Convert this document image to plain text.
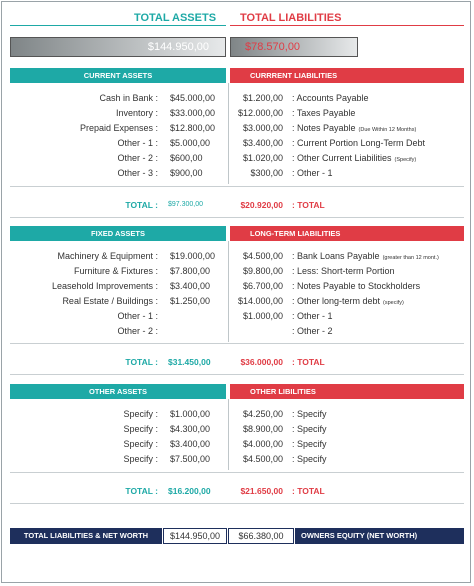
TOTAL ASSETS	TOTAL LIABILITIES
$144.950,00	$78.570,00
CURRENT ASSETS	CURRRENT LIABILITIES
Cash in Bank : $45.000,00	$1.200,00 : Accounts Payable
Inventory : $33.000,00	$12.000,00 : Taxes Payable
Prepaid Expenses : $12.800,00	$3.000,00 : Notes Payable (Due Within 12 Months)
Other - 1 : $5.000,00	$3.400,00 : Current Portion Long-Term Debt
Other - 2 : $600,00	$1.020,00 : Other Current Liabilities (Specify)
Other - 3 : $900,00	$300,00 : Other - 1
TOTAL : $97.300,00	$20.920,00 : TOTAL
FIXED ASSETS	LONG-TERM LIABILITIES
Machinery & Equipment : $19.000,00	$4.500,00 : Bank Loans Payable (greater than 12 mont.)
Furniture & Fixtures : $7.800,00	$9.800,00 : Less: Short-term Portion
Leasehold Improvements : $3.400,00	$6.700,00 : Notes Payable to Stockholders
Real Estate / Buildings : $1.250,00	$14.000,00 : Other long-term debt (specify)
Other - 1 :	$1.000,00 : Other - 1
Other - 2 :	: Other - 2
TOTAL : $31.450,00	$36.000,00 : TOTAL
OTHER ASSETS	OTHER LIBILITIES
Specify : $1.000,00	$4.250,00 : Specify
Specify : $4.300,00	$8.900,00 : Specify
Specify : $3.400,00	$4.000,00 : Specify
Specify : $7.500,00	$4.500,00 : Specify
TOTAL : $16.200,00	$21.650,00 : TOTAL
TOTAL LIABILITIES & NET WORTH	$144.950,00	$66.380,00	OWNERS EQUITY (NET WORTH)
